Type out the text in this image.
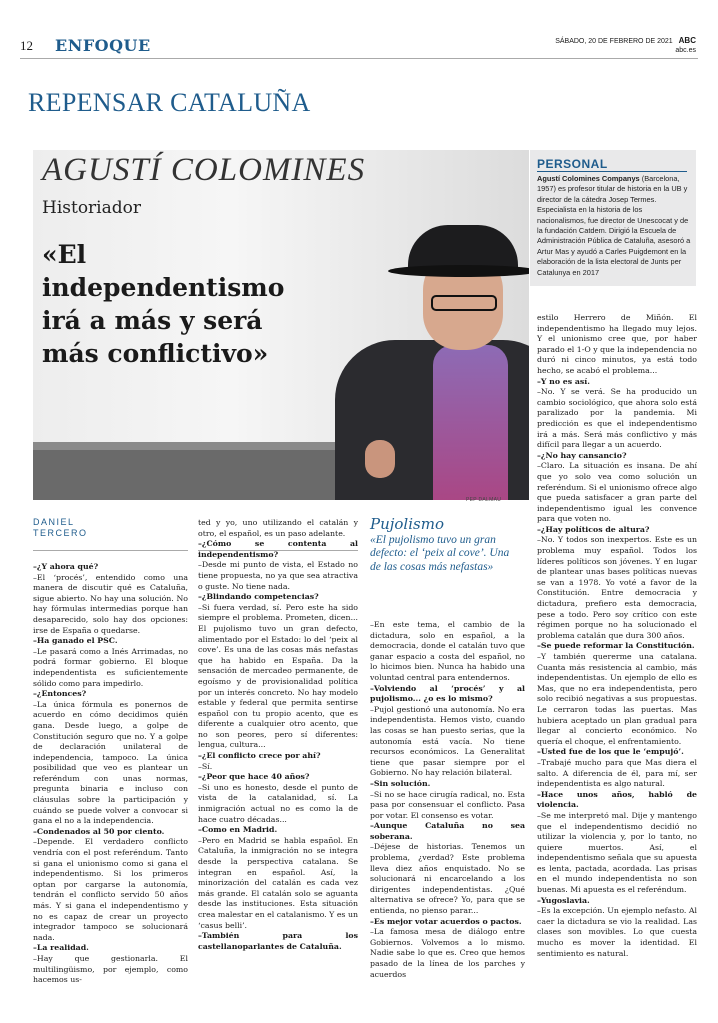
12 ENFOQUE	SÁBADO, 20 DE FEBRERO DE 2021 ABC
abc.es
REPENSAR CATALUÑA
AGUSTÍ COLOMINES
Historiador
«El independentismo irá a más y será más conflictivo»
PEP DALMAU
PERSONAL
Agustí Colomines Companys (Barcelona, 1957) es profesor titular de historia en la UB y director de la cátedra Josep Termes. Especialista en la historia de los nacionalismos, fue director de Unescocat y de la fundación Catdem. Dirigió la Escuela de Administración Pública de Cataluña, asesoró a Artur Mas y ayudó a Carles Puigdemont en la elaboración de la lista electoral de Junts per Catalunya en 2017
DANIEL
TERCERO	Pujolismo
«El pujolismo tuvo un gran defecto: el ‘peix al cove’. Una de las cosas más nefastas»

–¿Y ahora qué?

–El ‘procés’, entendido como una manera de discutir qué es Cataluña, sigue abierto. No hay una solución. No hay fórmulas intermedias porque han desaparecido, solo hay dos opciones: irse de España o quedarse.

–Ha ganado el PSC.

–Le pasará como a Inés Arrimadas, no podrá formar gobierno. El bloque independentista es suficientemente sólido como para impedirlo.

–¿Entonces?

–La única fórmula es ponernos de acuerdo en cómo decidimos quién gana. Desde luego, a golpe de Constitución seguro que no. Y a golpe de declaración unilateral de independencia, tampoco. La única posibilidad que veo es plantear un referéndum con unas normas, pregunta binaria e incluso con cláusulas sobre la participación y cuándo se puede volver a convocar si gana el no a la independencia.

–Condenados al 50 por ciento.

–Depende. El verdadero conflicto vendría con el post referéndum. Tanto si gana el unionismo como si gana el independentismo. Si los primeros optan por cargarse la autonomía, tendrán el conflicto servido 50 años más. Y si gana el independentismo y no es capaz de crear un proyecto integrador tampoco se solucionará nada.

–La realidad.

–Hay que gestionarla. El multilingüismo, por ejemplo, como hacemos us-

ted y yo, uno utilizando el catalán y otro, el español, es un paso adelante.

–¿Cómo se contenta al independentismo?

–Desde mi punto de vista, el Estado no tiene propuesta, no ya que sea atractiva o guste. No tiene nada.

–¿Blindando competencias?

–Si fuera verdad, sí. Pero este ha sido siempre el problema. Prometen, dicen... El pujolismo tuvo un gran defecto, alimentado por el Estado: lo del ‘peix al cove’. Es una de las cosas más nefastas que ha habido en España. Da la sensación de mercadeo permanente, de egoísmo y de provisionalidad política por un interés concreto. No hay modelo estable y federal que permita sentirse español con tu propio acento, que es diferente a cualquier otro acento, que no son peores, pero sí diferentes: lengua, cultura...

–¿El conflicto crece por ahí?

–Sí.

–¿Peor que hace 40 años?

–Si uno es honesto, desde el punto de vista de la catalanidad, sí. La inmigración actual no es como la de hace cuatro décadas...

–Como en Madrid.

–Pero en Madrid se habla español. En Cataluña, la inmigración no se integra desde la perspectiva catalana. Se integran en español. Así, la minorización del catalán es cada vez más grande. El catalán solo se aguanta desde las instituciones. Esta situación crea malestar en el catalanismo. Y es un ‘casus belli’.

–También para los castellanoparlantes de Cataluña.

–En este tema, el cambio de la dictadura, solo en español, a la democracia, donde el catalán tuvo que ganar espacio a costa del español, no lo hicimos bien. Nunca ha habido una voluntad central para entendernos.

–Volviendo al ‘procés’ y al pujolismo... ¿o es lo mismo?

–Pujol gestionó una autonomía. No era independentista. Hemos visto, cuando las cosas se han puesto serias, que la autonomía está vacía. No tiene recursos económicos. La Generalitat tiene que pasar siempre por el Gobierno. No hay relación bilateral.

–Sin solución.

–Si no se hace cirugía radical, no. Esta pasa por consensuar el conflicto. Pasa por votar. El consenso es votar.

–Aunque Cataluña no sea soberana.

–Déjese de historias. Tenemos un problema, ¿verdad? Este problema lleva diez años enquistado. No se solucionará ni encarcelando a los dirigentes independentistas. ¿Qué alternativa se ofrece? Yo, para que se entienda, no pienso parar...

–Es mejor votar acuerdos o pactos.

–La famosa mesa de diálogo entre Gobiernos. Volvemos a lo mismo. Nadie sabe lo que es. Creo que hemos pasado de la línea de los parches y acuerdos

estilo Herrero de Miñón. El independentismo ha llegado muy lejos. Y el unionismo cree que, por haber parado el 1-O y que la independencia no duró ni cinco minutos, ya está todo hecho, se acabó el problema...

–Y no es así.

–No. Y se verá. Se ha producido un cambio sociológico, que ahora solo está paralizado por la pandemia. Mi predicción es que el independentismo irá a más. Será más conflictivo y más difícil para llegar a un acuerdo.

–¿No hay cansancio?

–Claro. La situación es insana. De ahí que yo solo vea como solución un referéndum. Si el unionismo ofrece algo que pueda satisfacer a gran parte del independentismo igual les convence para que voten no.

–¿Hay políticos de altura?

–No. Y todos son inexpertos. Este es un problema muy español. Todos los líderes políticos son jóvenes. Y en lugar de plantear unas bases políticas nuevas se van a 1978. Yo voté a favor de la Constitución. Entre democracia y dictadura, prefiero esta democracia, pese a todo. Pero soy crítico con este régimen porque no ha solucionado el problema catalán que dura 300 años.

–Se puede reformar la Constitución.

–Y también quererme una catalana. Cuanta más resistencia al cambio, más independentistas. Un ejemplo de ello es Mas, que no era independentista, pero solo recibió negativas a sus propuestas. Le cerraron todas las puertas. Mas hubiera aceptado un plan gradual para llegar al concierto económico. No quería el choque, el enfrentamiento.

–Usted fue de los que le ‘empujó’.

–Trabajé mucho para que Mas diera el salto. A diferencia de él, para mí, ser independentista es algo natural.

–Hace unos años, habló de violencia.

–Se me interpretó mal. Dije y mantengo que el independentismo decidió no utilizar la violencia y, por lo tanto, no quiere muertos. Así, el independentismo señala que su apuesta es lenta, pactada, acordada. Las prisas en el mundo independentista no son buenas. Mi apuesta es el referéndum.

–Yugoslavia.

–Es la excepción. Un ejemplo nefasto. Al caer la dictadura se vio la realidad. Las clases son movibles. Lo que cuesta mucho es mover la identidad. El sentimiento es natural.
